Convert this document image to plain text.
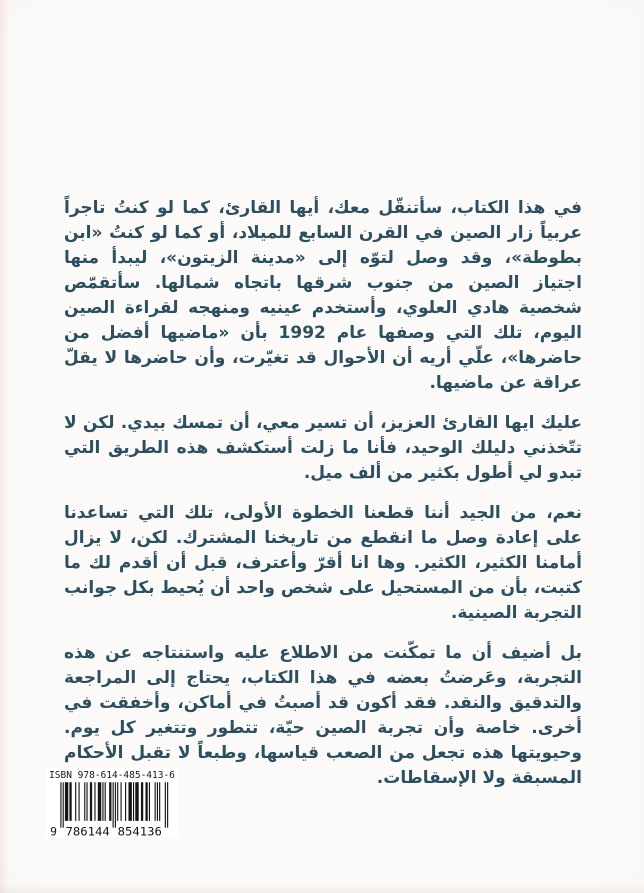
في هذا الكتاب، سأتنقّل معك، أيها القارئ، كما لو كنتُ تاجراً عربياً زار الصين في القرن السابع للميلاد، أو كما لو كنتُ «ابن بطوطة»، وقد وصل لتوّه إلى «مدينة الزيتون»، ليبدأ منها اجتياز الصين من جنوب شرقها باتجاه شمالها. سأتقمّص شخصية هادي العلوي، وأستخدم عينيه ومنهجه لقراءة الصين اليوم، تلك التي وصفها عام 1992 بأن «ماضيها أفضل من حاضرها»، علّي أريه أن الأحوال قد تغيّرت، وأن حاضرها لا يقلّ عراقة عن ماضيها.

عليك ايها القارئ العزيز، أن تسير معي، أن تمسك بيدي. لكن لا تتّخذني دليلك الوحيد، فأنا ما زلت أستكشف هذه الطريق التي تبدو لي أطول بكثير من ألف ميل.

نعم، من الجيد أننا قطعنا الخطوة الأولى، تلك التي تساعدنا على إعادة وصل ما انقطع من تاريخنا المشترك. لكن، لا يزال أمامنا الكثير، الكثير. وها انا أقرّ وأعترف، قبل أن أقدم لك ما كتبت، بأن من المستحيل على شخص واحد أن يُحيط بكل جوانب التجربة الصينية.

بل أضيف أن ما تمكّنت من الاطلاع عليه واستنتاجه عن هذه التجربة، وعَرضتُ بعضه في هذا الكتاب، يحتاج إلى المراجعة والتدقيق والنقد. فقد أكون قد أصبتُ في أماكن، وأخفقت في أخرى. خاصة وأن تجربة الصين حيّة، تتطور وتتغير كل يوم. وحيويتها هذه تجعل من الصعب قياسها، وطبعاً لا تقبل الأحكام المسبقة ولا الإسقاطات.

ISBN 978-614-485-413-6
9 786144 854136
